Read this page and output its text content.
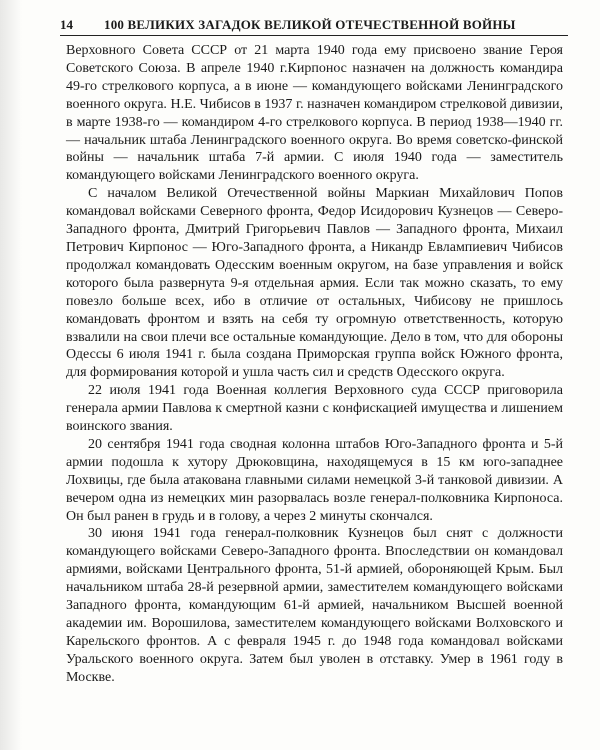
14	100 ВЕЛИКИХ ЗАГАДОК ВЕЛИКОЙ ОТЕЧЕСТВЕННОЙ ВОЙНЫ

Верховного Совета СССР от 21 марта 1940 года ему присвоено звание Героя Советского Союза. В апреле 1940 г.Кирпонос назначен на должность командира 49-го стрелкового корпуса, а в июне — командующего войсками Ленинградского военного округа. Н.Е. Чибисов в 1937 г. назначен командиром стрелковой дивизии, в марте 1938-го — командиром 4-го стрелкового корпуса. В период 1938—1940 гг. — начальник штаба Ленинградского военного округа. Во время советско-финской войны — начальник штаба 7-й армии. С июля 1940 года — заместитель командующего войсками Ленинградского военного округа.

С началом Великой Отечественной войны Маркиан Михайлович Попов командовал войсками Северного фронта, Федор Исидорович Кузнецов — Северо-Западного фронта, Дмитрий Григорьевич Павлов — Западного фронта, Михаил Петрович Кирпонос — Юго-Западного фронта, а Никандр Евлампиевич Чибисов продолжал командовать Одесским военным округом, на базе управления и войск которого была развернута 9-я отдельная армия. Если так можно сказать, то ему повезло больше всех, ибо в отличие от остальных, Чибисову не пришлось командовать фронтом и взять на себя ту огромную ответственность, которую взвалили на свои плечи все остальные командующие. Дело в том, что для обороны Одессы 6 июля 1941 г. была создана Приморская группа войск Южного фронта, для формирования которой и ушла часть сил и средств Одесского округа.

22 июля 1941 года Военная коллегия Верховного суда СССР приговорила генерала армии Павлова к смертной казни с конфискацией имущества и лишением воинского звания.

20 сентября 1941 года сводная колонна штабов Юго-Западного фронта и 5-й армии подошла к хутору Дрюковщина, находящемуся в 15 км юго-западнее Лохвицы, где была атакована главными силами немецкой 3-й танковой дивизии. А вечером одна из немецких мин разорвалась возле генерал-полковника Кирпоноса. Он был ранен в грудь и в голову, а через 2 минуты скончался.

30 июня 1941 года генерал-полковник Кузнецов был снят с должности командующего войсками Северо-Западного фронта. Впоследствии он командовал армиями, войсками Центрального фронта, 51-й армией, обороняющей Крым. Был начальником штаба 28-й резервной армии, заместителем командующего войсками Западного фронта, командующим 61-й армией, начальником Высшей военной академии им. Ворошилова, заместителем командующего войсками Волховского и Карельского фронтов. А с февраля 1945 г. до 1948 года командовал войсками Уральского военного округа. Затем был уволен в отставку. Умер в 1961 году в Москве.
